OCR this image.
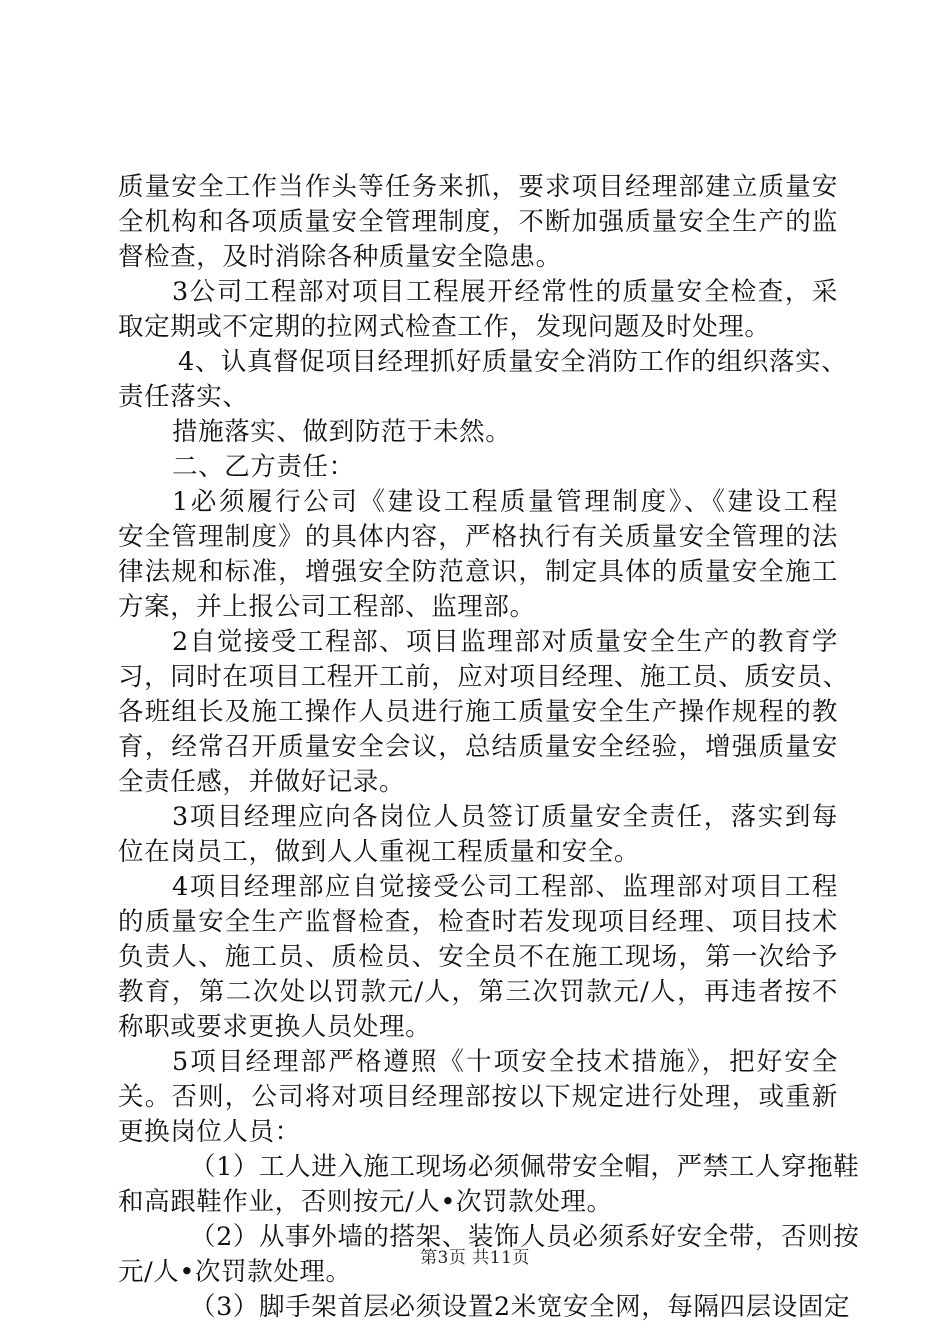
质量安全工作当作头等任务来抓，要求项目经理部建立质量安
全机构和各项质量安全管理制度，不断加强质量安全生产的监
督检查，及时消除各种质量安全隐患。
3公司工程部对项目工程展开经常性的质量安全检查，采
取定期或不定期的拉网式检查工作，发现问题及时处理。
4、认真督促项目经理抓好质量安全消防工作的组织落实、
责任落实、
措施落实、做到防范于未然。
二、乙方责任：
1必须履行公司《建设工程质量管理制度》、《建设工程
安全管理制度》的具体内容，严格执行有关质量安全管理的法
律法规和标准，增强安全防范意识，制定具体的质量安全施工
方案，并上报公司工程部、监理部。
2自觉接受工程部、项目监理部对质量安全生产的教育学
习，同时在项目工程开工前，应对项目经理、施工员、质安员、
各班组长及施工操作人员进行施工质量安全生产操作规程的教
育，经常召开质量安全会议，总结质量安全经验，增强质量安
全责任感，并做好记录。
3项目经理应向各岗位人员签订质量安全责任，落实到每
位在岗员工，做到人人重视工程质量和安全。
4项目经理部应自觉接受公司工程部、监理部对项目工程
的质量安全生产监督检查，检查时若发现项目经理、项目技术
负责人、施工员、质检员、安全员不在施工现场，第一次给予
教育，第二次处以罚款元/人，第三次罚款元/人，再违者按不
称职或要求更换人员处理。
5项目经理部严格遵照《十项安全技术措施》，把好安全
关。否则，公司将对项目经理部按以下规定进行处理，或重新
更换岗位人员：
（1）工人进入施工现场必须佩带安全帽，严禁工人穿拖鞋
和高跟鞋作业，否则按元/人•次罚款处理。
（2）从事外墙的搭架、装饰人员必须系好安全带，否则按
元/人•次罚款处理。
（3）脚手架首层必须设置2米宽安全网，每隔四层设固定
第3页 共11页
